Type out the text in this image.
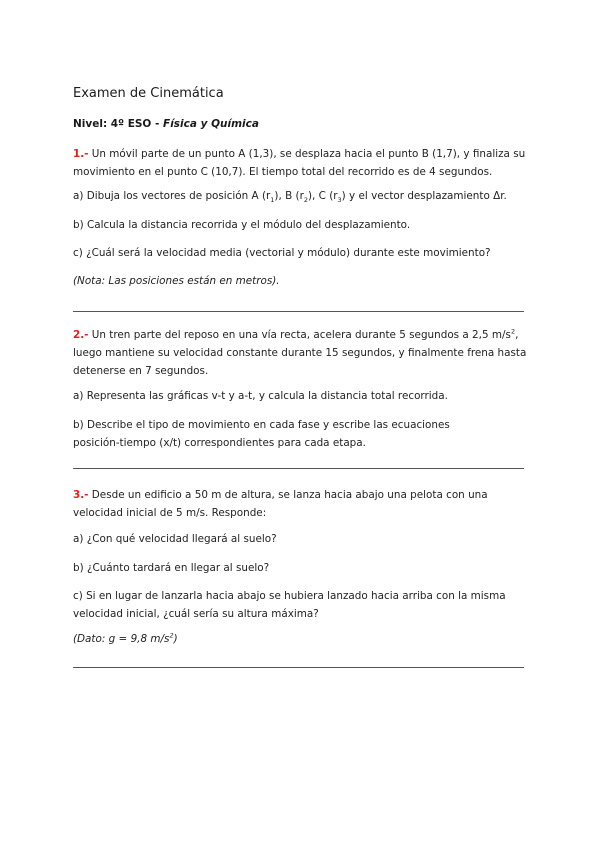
Examen de Cinemática
Nivel: 4º ESO - Física y Química
1.- Un móvil parte de un punto A (1,3), se desplaza hacia el punto B (1,7), y finaliza su
movimiento en el punto C (10,7). El tiempo total del recorrido es de 4 segundos.
a) Dibuja los vectores de posición A $(r_1)$, B $(r_2)$, C $(r_3)$ y el vector desplazamiento Δr.
b) Calcula la distancia recorrida y el módulo del desplazamiento.
c) ¿Cuál será la velocidad media (vectorial y módulo) durante este movimiento?
(Nota: Las posiciones están en metros).
2.- Un tren parte del reposo en una vía recta, acelera durante 5 segundos a 2,5 $m/s^2$,
luego mantiene su velocidad constante durante 15 segundos, y finalmente frena hasta
detenerse en 7 segundos.
a) Representa las gráficas v-t y a-t, y calcula la distancia total recorrida.
b) Describe el tipo de movimiento en cada fase y escribe las ecuaciones
posición-tiempo (x/t) correspondientes para cada etapa.
3.- Desde un edificio a 50 m de altura, se lanza hacia abajo una pelota con una
velocidad inicial de 5 m/s. Responde:
a) ¿Con qué velocidad llegará al suelo?
b) ¿Cuánto tardará en llegar al suelo?
c) Si en lugar de lanzarla hacia abajo se hubiera lanzado hacia arriba con la misma
velocidad inicial, ¿cuál sería su altura máxima?
(Dato: g = 9,8 $m/s^2$)
